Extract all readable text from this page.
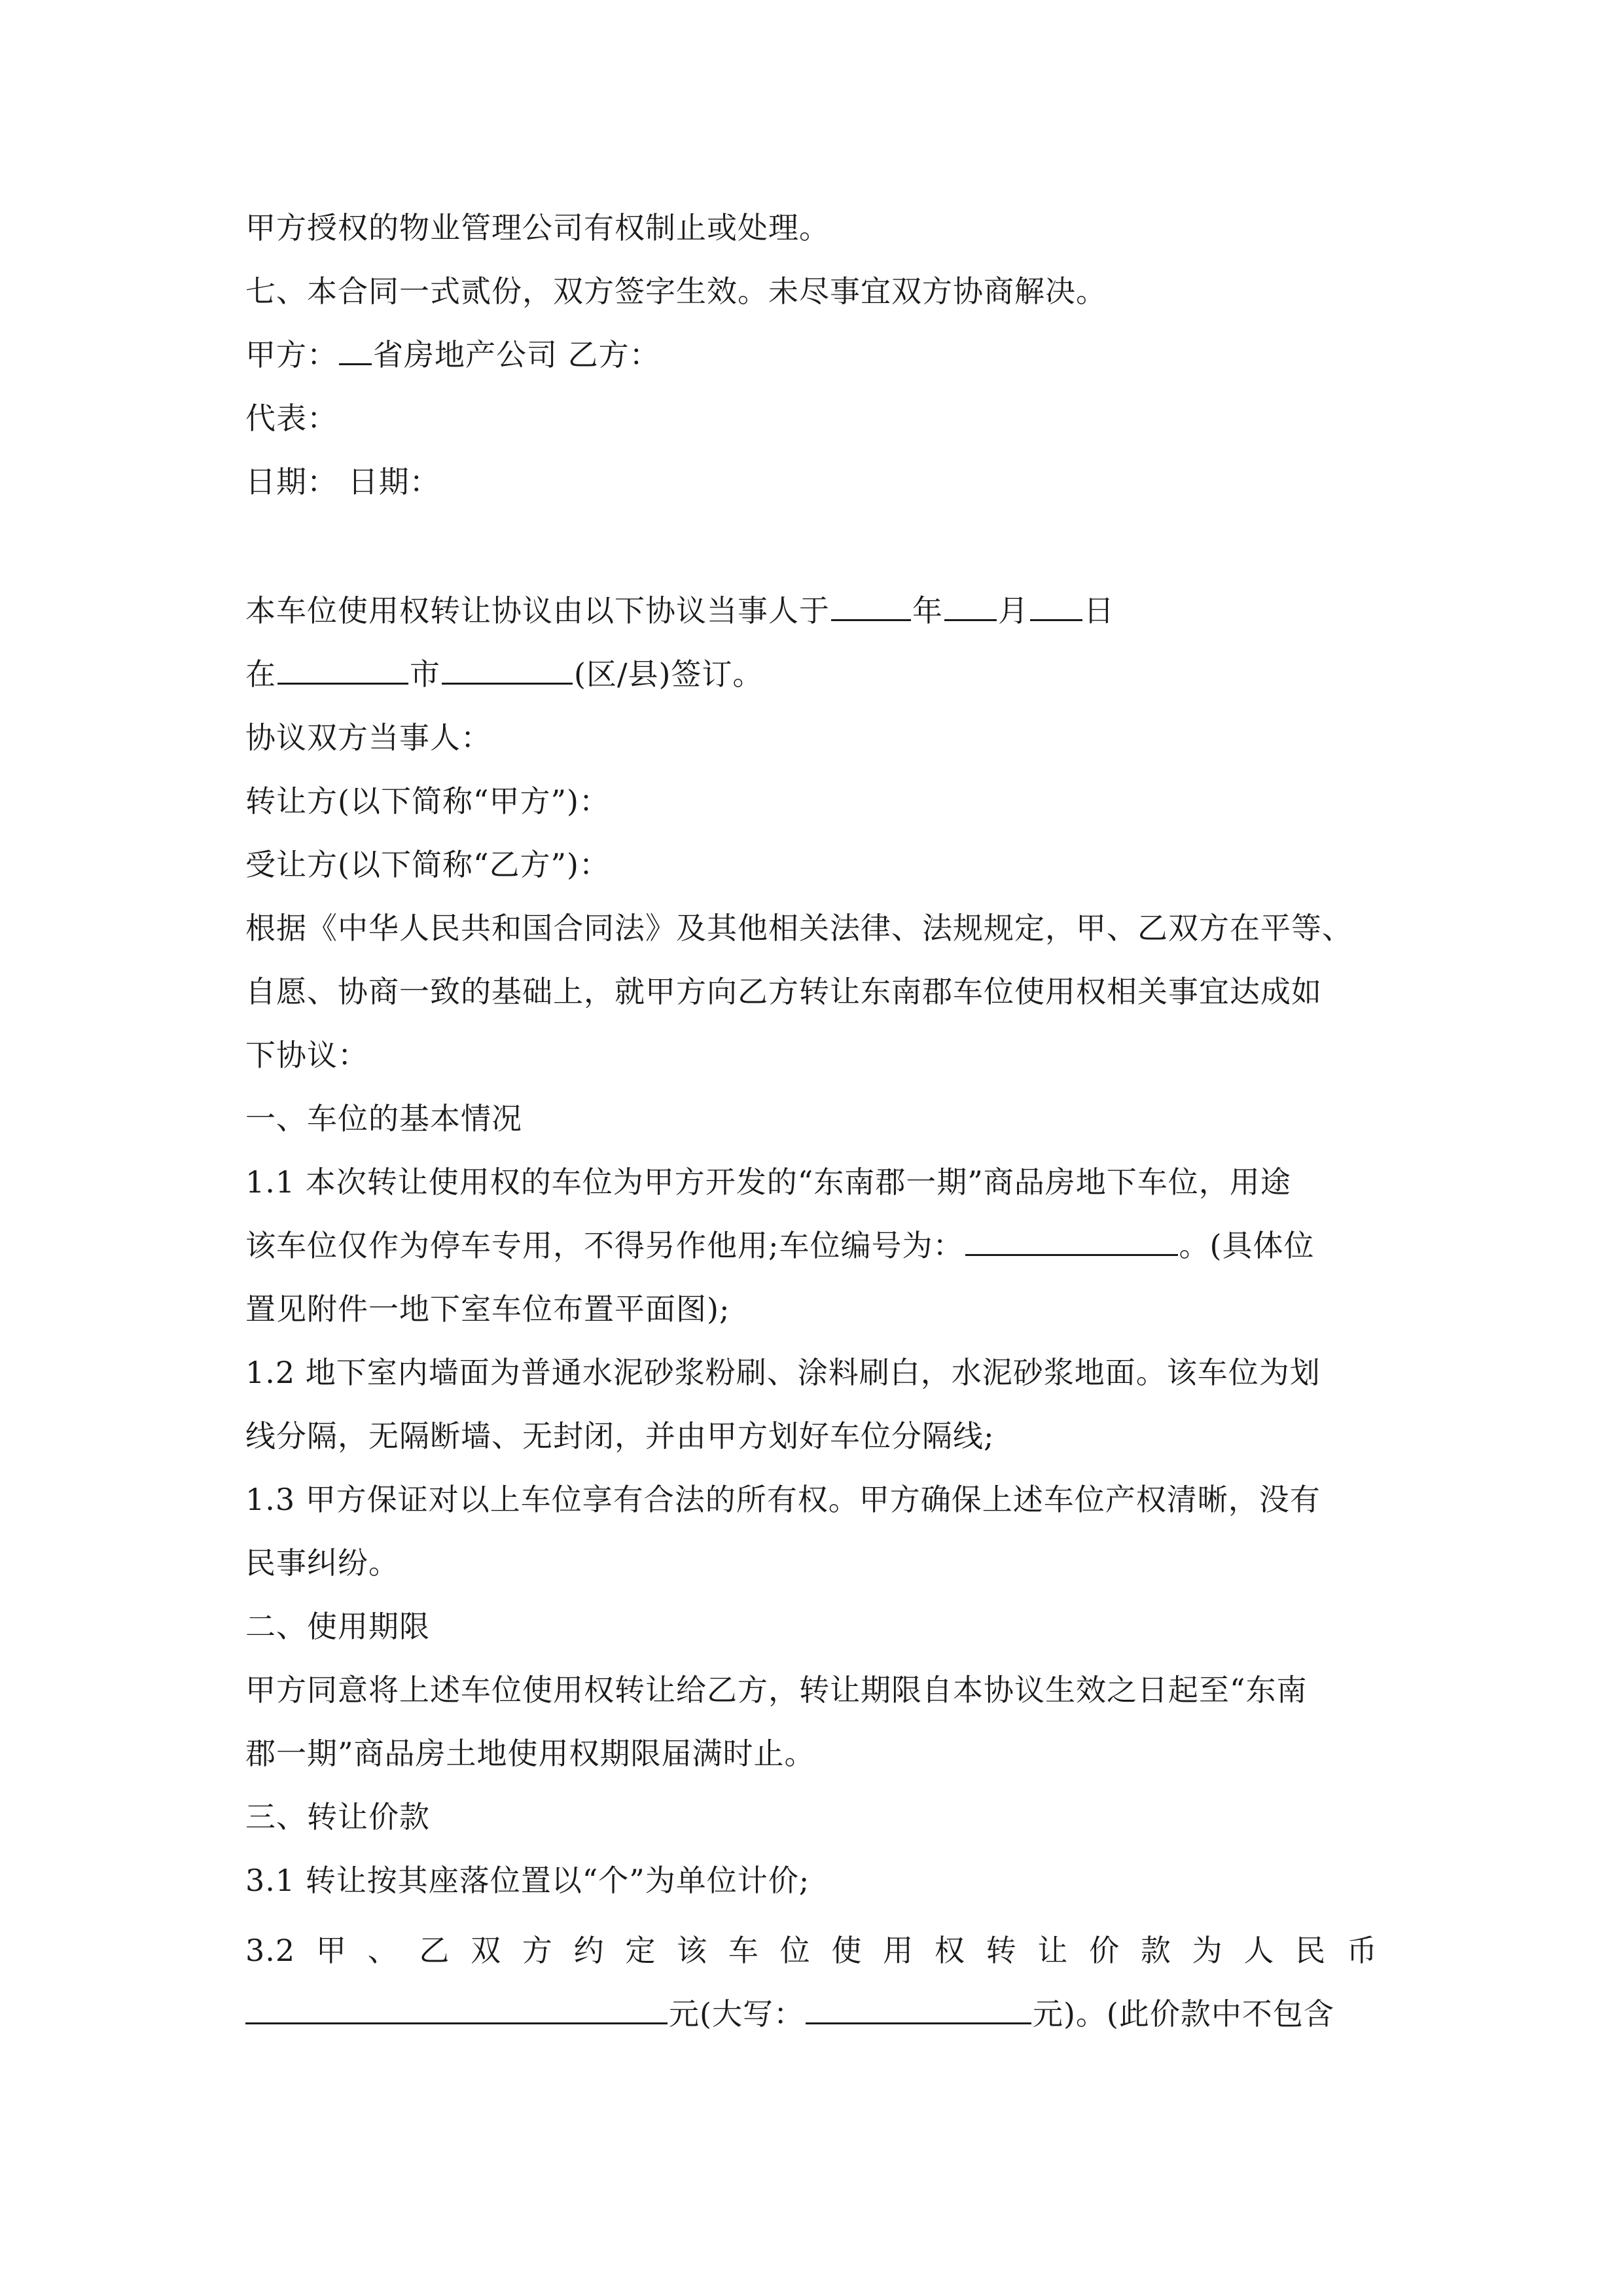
甲方授权的物业管理公司有权制止或处理。
七、本合同一式贰份，双方签字生效。未尽事宜双方协商解决。
甲方： 省房地产公司 乙方：
代表：
日期： 日期：
本车位使用权转让协议由以下协议当事人于	年 月 日
在	市	(区/县)签订。
协议双方当事人：
转让方(以下简称“甲方”)：
受让方(以下简称“乙方”)：
根据《中华人民共和国合同法》及其他相关法律、法规规定，甲、乙双方在平等、
自愿、协商一致的基础上，就甲方向乙方转让东南郡车位使用权相关事宜达成如
下协议：
一、车位的基本情况
1.1 本次转让使用权的车位为甲方开发的“东南郡一期”商品房地下车位，用途
该车位仅作为停车专用，不得另作他用;车位编号为：	。(具体位
置见附件一地下室车位布置平面图);
1.2 地下室内墙面为普通水泥砂浆粉刷、涂料刷白，水泥砂浆地面。该车位为划
线分隔，无隔断墙、无封闭，并由甲方划好车位分隔线;
1.3 甲方保证对以上车位享有合法的所有权。甲方确保上述车位产权清晰，没有
民事纠纷。
二、使用期限
甲方同意将上述车位使用权转让给乙方，转让期限自本协议生效之日起至“东南
郡一期”商品房土地使用权期限届满时止。
三、转让价款
3.1 转让按其座落位置以“个”为单位计价;
3.2 甲 、 乙 双 方 约 定 该 车 位 使 用 权 转 让 价 款 为 人 民 币
元(大写：	元)。(此价款中不包含
